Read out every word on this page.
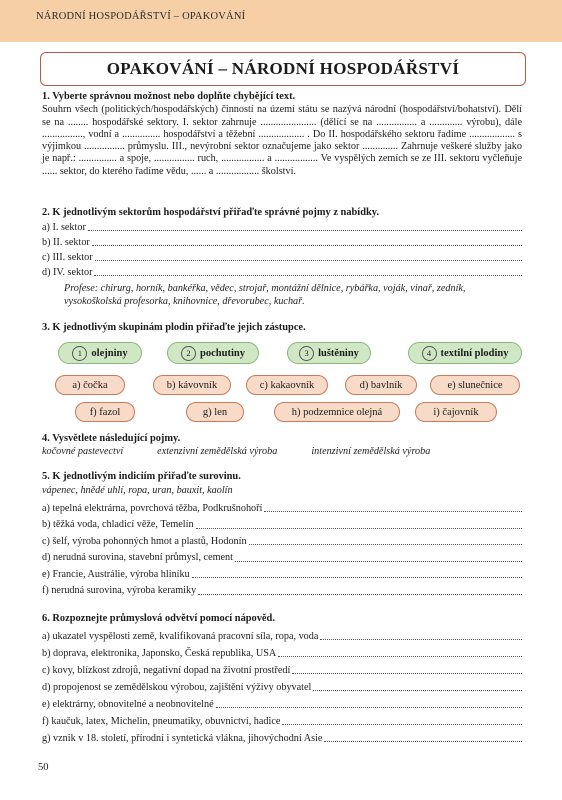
NÁRODNÍ HOSPODÁŘSTVÍ – OPAKOVÁNÍ
OPAKOVÁNÍ – NÁRODNÍ HOSPODÁŘSTVÍ
1. Vyberte správnou možnost nebo doplňte chybějící text.
Souhrn všech (politických/hospodářských) činností na území státu se nazývá národní (hospodářství/bohatství). Dělí se na ........ hospodářské sektory. I. sektor zahrnuje ...................... (dělící se na ................ a ............. výrobu), dále ................, vodní a ............... hospodářství a těžební .................. . Do II. hospodářského sektoru řadíme .................. s výjimkou ................ průmyslu. III., nevýrobní sektor označujeme jako sektor .............. Zahrnuje veškeré služby jako je např.: ............... a spoje, ................ ruch, ................. a ................. Ve vyspělých zemích se ze III. sektoru vyčleňuje ...... sektor, do kterého řadíme vědu, ...... a ................. školství.
2. K jednotlivým sektorům hospodářství přiřaďte správné pojmy z nabídky.
a) I. sektor
b) II. sektor
c) III. sektor
d) IV. sektor
Profese: chirurg, horník, bankéřka, vědec, strojař, montážní dělnice, rybářka, voják, vinař, zedník, vysokoškolská profesorka, knihovnice, dřevorubec, kuchař.
3. K jednotlivým skupinám plodin přiřaďte jejich zástupce.
1 olejniny	2 pochutiny	3 luštěniny	4 textilní plodiny
a) čočka	b) kávovník	c) kakaovník	d) bavlník	e) slunečnice
f) fazol	g) len	h) podzemnice olejná	i) čajovník
4. Vysvětlete následující pojmy.
kočovné pastevectví	extenzivní zemědělská výroba	intenzivní zemědělská výroba
5. K jednotlivým indiciím přiřaďte surovinu.
vápenec, hnědé uhlí, ropa, uran, bauxit, kaolín
a) tepelná elektrárna, povrchová těžba, Podkrušnohoří
b) těžká voda, chladicí věže, Temelín
c) šelf, výroba pohonných hmot a plastů, Hodonín
d) nerudná surovina, stavební průmysl, cement
e) Francie, Austrálie, výroba hliníku
f) nerudná surovina, výroba keramiky
6. Rozpoznejte průmyslová odvětví pomocí nápověd.
a) ukazatel vyspělosti země, kvalifikovaná pracovní síla, ropa, voda
b) doprava, elektronika, Japonsko, Česká republika, USA
c) kovy, blízkost zdrojů, negativní dopad na životní prostředí
d) propojenost se zemědělskou výrobou, zajištění výživy obyvatel
e) elektrárny, obnovitelné a neobnovitelné
f) kaučuk, latex, Michelin, pneumatiky, obuvnictví, hadice
g) vznik v 18. století, přírodní i syntetická vlákna, jihovýchodní Asie
50
